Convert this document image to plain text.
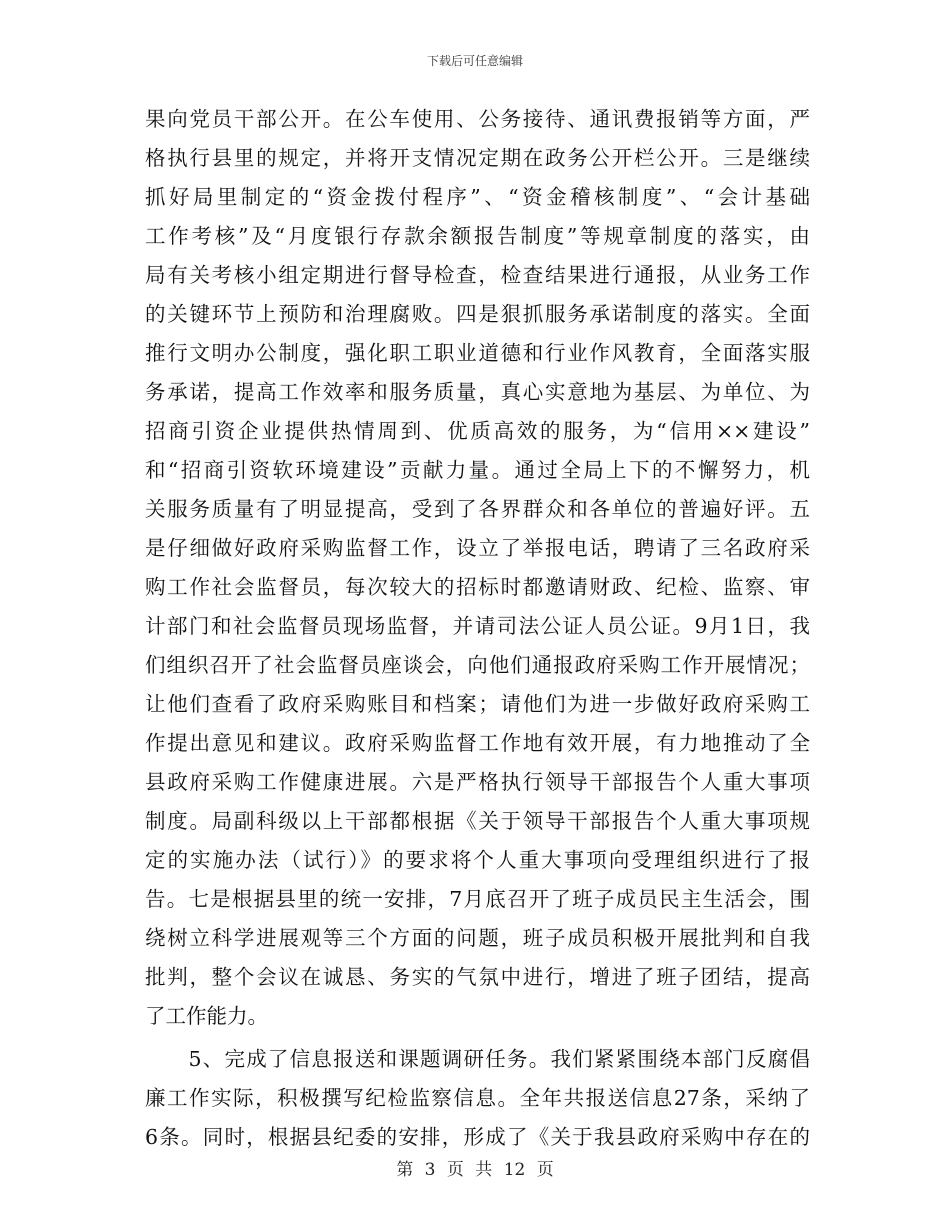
下载后可任意编辑
果向党员干部公开。在公车使用、公务接待、通讯费报销等方面，严
格执行县里的规定，并将开支情况定期在政务公开栏公开。三是继续
抓好局里制定的“资金拨付程序”、“资金稽核制度”、“会计基础
工作考核”及“月度银行存款余额报告制度”等规章制度的落实，由
局有关考核小组定期进行督导检查，检查结果进行通报，从业务工作
的关键环节上预防和治理腐败。四是狠抓服务承诺制度的落实。全面
推行文明办公制度，强化职工职业道德和行业作风教育，全面落实服
务承诺，提高工作效率和服务质量，真心实意地为基层、为单位、为
招商引资企业提供热情周到、优质高效的服务，为“信用××建设”
和“招商引资软环境建设”贡献力量。通过全局上下的不懈努力，机
关服务质量有了明显提高，受到了各界群众和各单位的普遍好评。五
是仔细做好政府采购监督工作，设立了举报电话，聘请了三名政府采
购工作社会监督员，每次较大的招标时都邀请财政、纪检、监察、审
计部门和社会监督员现场监督，并请司法公证人员公证。9月1日，我
们组织召开了社会监督员座谈会，向他们通报政府采购工作开展情况；
让他们查看了政府采购账目和档案；请他们为进一步做好政府采购工
作提出意见和建议。政府采购监督工作地有效开展，有力地推动了全
县政府采购工作健康进展。六是严格执行领导干部报告个人重大事项
制度。局副科级以上干部都根据《关于领导干部报告个人重大事项规
定的实施办法（试行）》的要求将个人重大事项向受理组织进行了报
告。七是根据县里的统一安排，7月底召开了班子成员民主生活会，围
绕树立科学进展观等三个方面的问题，班子成员积极开展批判和自我
批判，整个会议在诚恳、务实的气氛中进行，增进了班子团结，提高
了工作能力。
　　5、完成了信息报送和课题调研任务。我们紧紧围绕本部门反腐倡
廉工作实际，积极撰写纪检监察信息。全年共报送信息27条，采纳了
6条。同时，根据县纪委的安排，形成了《关于我县政府采购中存在的
第 3 页 共 12 页
